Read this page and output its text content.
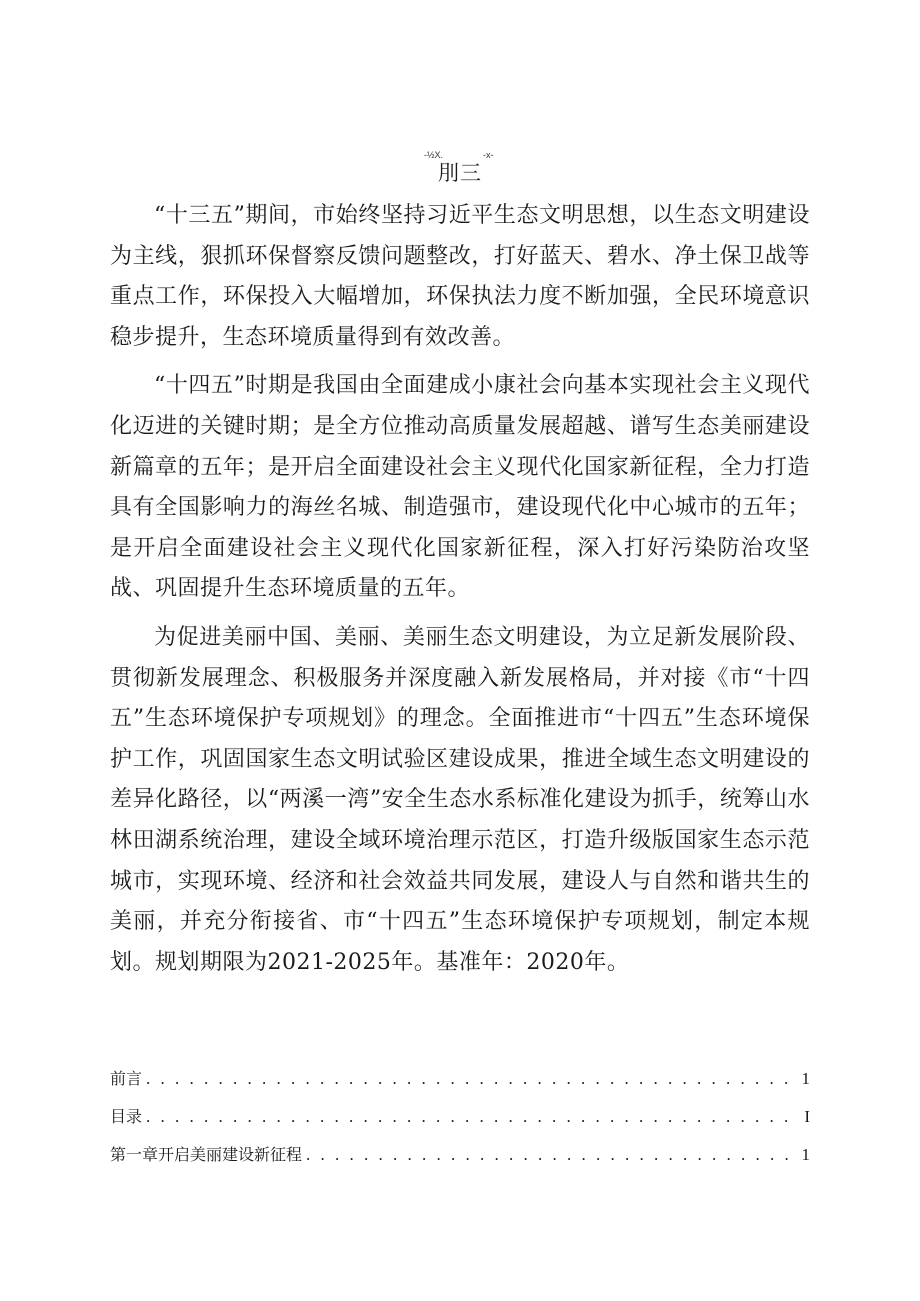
-½X.	-x-
刖三

“十三五”期间，市始终坚持习近平生态文明思想，以生态文明建设为主线，狠抓环保督察反馈问题整改，打好蓝天、碧水、净土保卫战等重点工作，环保投入大幅增加，环保执法力度不断加强，全民环境意识稳步提升，生态环境质量得到有效改善。

“十四五”时期是我国由全面建成小康社会向基本实现社会主义现代化迈进的关键时期；是全方位推动高质量发展超越、谱写生态美丽建设新篇章的五年；是开启全面建设社会主义现代化国家新征程，全力打造具有全国影响力的海丝名城、制造强市，建设现代化中心城市的五年；是开启全面建设社会主义现代化国家新征程，深入打好污染防治攻坚战、巩固提升生态环境质量的五年。

为促进美丽中国、美丽、美丽生态文明建设，为立足新发展阶段、贯彻新发展理念、积极服务并深度融入新发展格局，并对接《市“十四五”生态环境保护专项规划》的理念。全面推进市“十四五”生态环境保护工作，巩固国家生态文明试验区建设成果，推进全域生态文明建设的差异化路径，以“两溪一湾”安全生态水系标准化建设为抓手，统筹山水林田湖系统治理，建设全域环境治理示范区，打造升级版国家生态示范城市，实现环境、经济和社会效益共同发展，建设人与自然和谐共生的美丽，并充分衔接省、市“十四五”生态环境保护专项规划，制定本规划。规划期限为2021-2025年。基准年：2020年。

前言 . . .	1
目录 . . .	I
第一章开启美丽建设新征程 . . .	1
